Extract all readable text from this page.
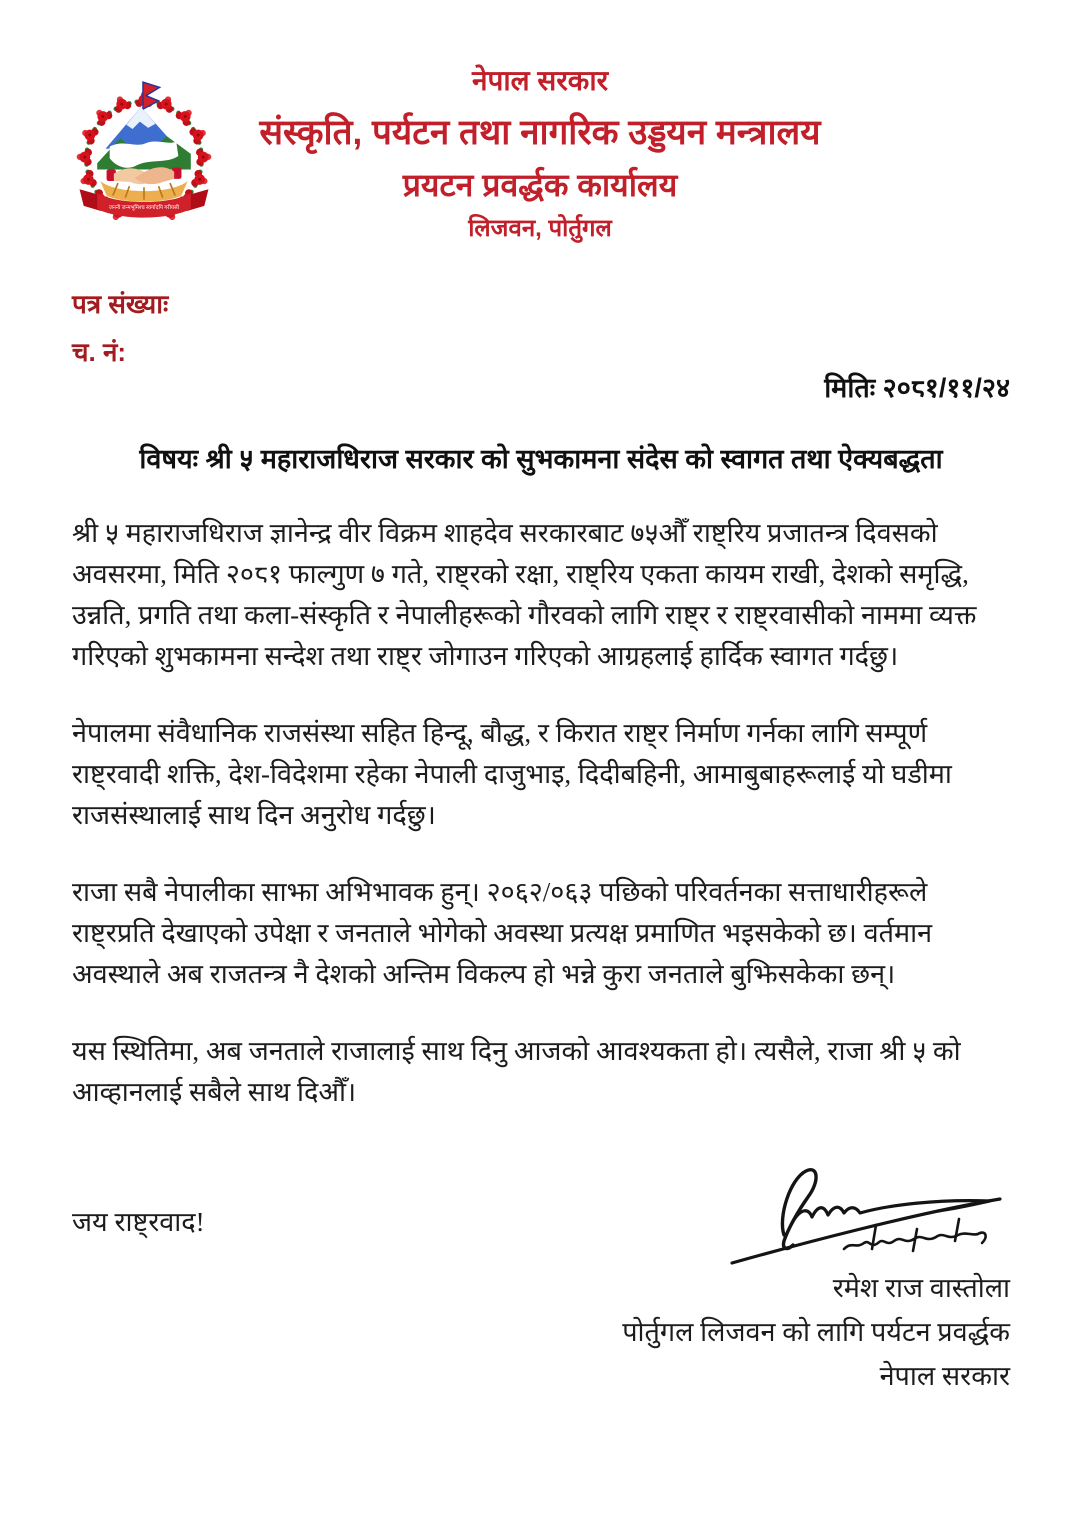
जननी जन्मभूमिश्च स्वर्गादपि गरीयसी
नेपाल सरकार
संस्कृति, पर्यटन तथा नागरिक उड्डयन मन्त्रालय
प्रयटन प्रवर्द्धक कार्यालय
लिजवन, पोर्तुगल
पत्र संख्याः
च. नं:
मितिः २०८१/११/२४
विषयः श्री ५ महाराजधिराज सरकार को सुभकामना संदेस को स्वागत तथा ऐक्यबद्धता

श्री ५ महाराजधिराज ज्ञानेन्द्र वीर विक्रम शाहदेव सरकारबाट ७५औँ राष्ट्रिय प्रजातन्त्र दिवसको अवसरमा, मिति २०८१ फाल्गुण ७ गते, राष्ट्रको रक्षा, राष्ट्रिय एकता कायम राखी, देशको समृद्धि, उन्नति, प्रगति तथा कला-संस्कृति र नेपालीहरूको गौरवको लागि राष्ट्र र राष्ट्रवासीको नाममा व्यक्त गरिएको शुभकामना सन्देश तथा राष्ट्र जोगाउन गरिएको आग्रहलाई हार्दिक स्वागत गर्दछु।

नेपालमा संवैधानिक राजसंस्था सहित हिन्दू, बौद्ध, र किरात राष्ट्र निर्माण गर्नका लागि सम्पूर्ण राष्ट्रवादी शक्ति, देश-विदेशमा रहेका नेपाली दाजुभाइ, दिदीबहिनी, आमाबुबाहरूलाई यो घडीमा राजसंस्थालाई साथ दिन अनुरोध गर्दछु।

राजा सबै नेपालीका साझा अभिभावक हुन्। २०६२/०६३ पछिको परिवर्तनका सत्ताधारीहरूले राष्ट्रप्रति देखाएको उपेक्षा र जनताले भोगेको अवस्था प्रत्यक्ष प्रमाणित भइसकेको छ। वर्तमान अवस्थाले अब राजतन्त्र नै देशको अन्तिम विकल्प हो भन्ने कुरा जनताले बुझिसकेका छन्।

यस स्थितिमा, अब जनताले राजालाई साथ दिनु आजको आवश्यकता हो। त्यसैले, राजा श्री ५ को आव्हानलाई सबैले साथ दिऔँ।

जय राष्ट्रवाद!
रमेश राज वास्तोला
पोर्तुगल लिजवन को लागि पर्यटन प्रवर्द्धक
नेपाल सरकार
